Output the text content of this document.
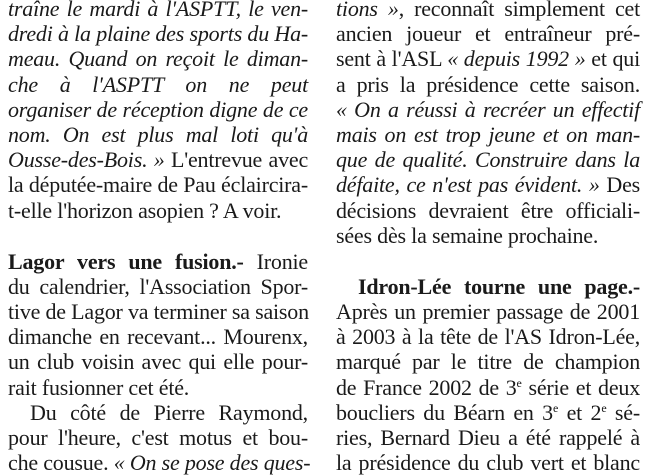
traîne le mardi à l'ASPTT, le ven-
dredi à la plaine des sports du Ha-
meau. Quand on reçoit le diman-
che à l'ASPTT on ne peut
organiser de réception digne de ce
nom. On est plus mal loti qu'à
Ousse-des-Bois. » L'entrevue avec
la députée-maire de Pau éclaircira-
t-elle l'horizon asopien ? A voir.
Lagor vers une fusion.- Ironie
du calendrier, l'Association Spor-
tive de Lagor va terminer sa saison
dimanche en recevant... Mourenx,
un club voisin avec qui elle pour-
rait fusionner cet été.
Du côté de Pierre Raymond,
pour l'heure, c'est motus et bou-
che cousue. « On se pose des ques-
tions », reconnaît simplement cet
ancien joueur et entraîneur pré-
sent à l'ASL « depuis 1992 » et qui
a pris la présidence cette saison.
« On a réussi à recréer un effectif
mais on est trop jeune et on man-
que de qualité. Construire dans la
défaite, ce n'est pas évident. » Des
décisions devraient être officiali-
sées dès la semaine prochaine.
Idron-Lée tourne une page.-
Après un premier passage de 2001
à 2003 à la tête de l'AS Idron-Lée,
marqué par le titre de champion
de France 2002 de 3e série et deux
boucliers du Béarn en 3e et 2e sé-
ries, Bernard Dieu a été rappelé à
la présidence du club vert et blanc
